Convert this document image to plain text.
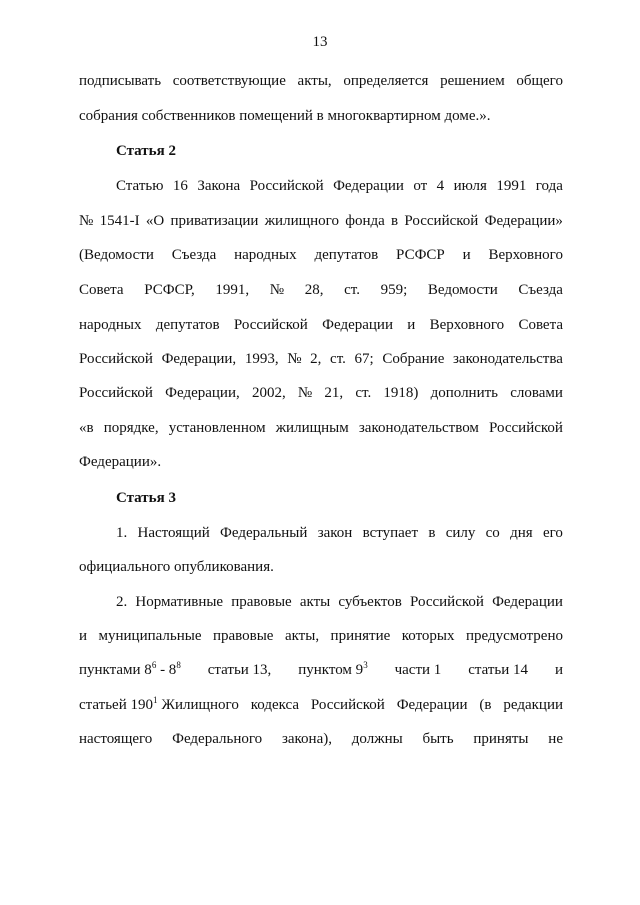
13
подписывать соответствующие акты, определяется решением общего
собрания собственников помещений в многоквартирном доме.».
Статья 2
Статью 16 Закона Российской Федерации от 4 июля 1991 года
№ 1541-I «О приватизации жилищного фонда в Российской Федерации»
(Ведомости Съезда народных депутатов РСФСР и Верховного
Совета РСФСР, 1991, № 28, ст. 959; Ведомости Съезда
народных депутатов Российской Федерации и Верховного Совета
Российской Федерации, 1993, № 2, ст. 67; Собрание законодательства
Российской Федерации, 2002, № 21, ст. 1918) дополнить словами
«в порядке, установленном жилищным законодательством Российской
Федерации».
Статья 3
1. Настоящий Федеральный закон вступает в силу со дня его
официального опубликования.
2. Нормативные правовые акты субъектов Российской Федерации
и муниципальные правовые акты, принятие которых предусмотрено
пунктами $8^6 - 8^8$ статьи 13, пунктом $9^3$ части 1 статьи 14 и
статьей $190^1$ Жилищного кодекса Российской Федерации (в редакции
настоящего Федерального закона), должны быть приняты не
